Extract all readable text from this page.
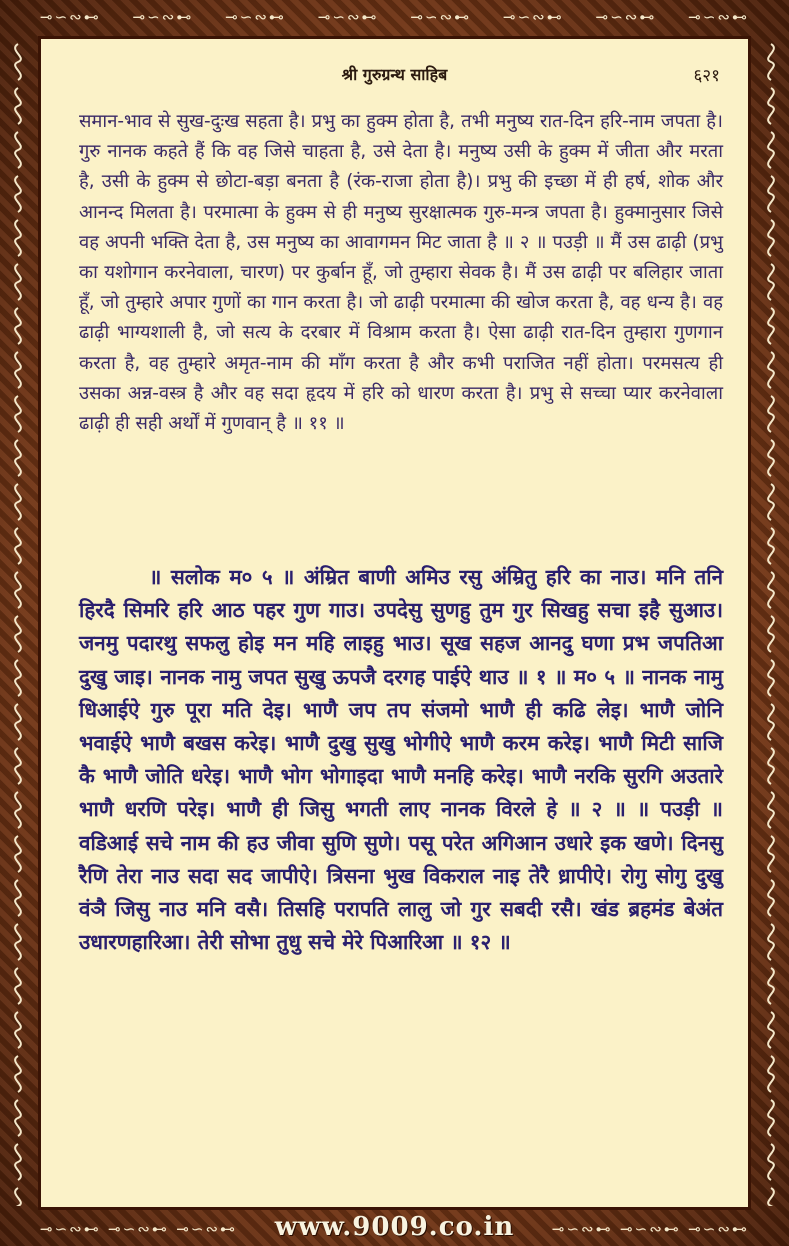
⊸∽∾⊷ ⊸∽∾⊷ ⊸∽∾⊷ ⊸∽∾⊷ ⊸∽∾⊷ ⊸∽∾⊷ ⊸∽∾⊷ ⊸∽∾⊷
श्री गुरुग्रन्थ साहिब	६२१

समान-भाव से सुख-दुःख सहता है। प्रभु का हुक्म होता है, तभी मनुष्य रात-दिन हरि-नाम जपता है। गुरु नानक कहते हैं कि वह जिसे चाहता है, उसे देता है। मनुष्य उसी के हुक्म में जीता और मरता है, उसी के हुक्म से छोटा-बड़ा बनता है (रंक-राजा होता है)। प्रभु की इच्छा में ही हर्ष, शोक और आनन्द मिलता है। परमात्मा के हुक्म से ही मनुष्य सुरक्षात्मक गुरु-मन्त्र जपता है। हुक्मानुसार जिसे वह अपनी भक्ति देता है, उस मनुष्य का आवागमन मिट जाता है ॥ २ ॥ पउड़ी ॥ मैं उस ढाढ़ी (प्रभु का यशोगान करनेवाला, चारण) पर कुर्बान हूँ, जो तुम्हारा सेवक है। मैं उस ढाढ़ी पर बलिहार जाता हूँ, जो तुम्हारे अपार गुणों का गान करता है। जो ढाढ़ी परमात्मा की खोज करता है, वह धन्य है। वह ढाढ़ी भाग्यशाली है, जो सत्य के दरबार में विश्राम करता है। ऐसा ढाढ़ी रात-दिन तुम्हारा गुणगान करता है, वह तुम्हारे अमृत-नाम की माँग करता है और कभी पराजित नहीं होता। परमसत्य ही उसका अन्न-वस्त्र है और वह सदा हृदय में हरि को धारण करता है। प्रभु से सच्चा प्यार करनेवाला ढाढ़ी ही सही अर्थों में गुणवान् है ॥ ११ ॥

॥ सलोक म० ५ ॥ अंम्रित बाणी अमिउ रसु अंम्रितु हरि का नाउ। मनि तनि हिरदै सिमरि हरि आठ पहर गुण गाउ। उपदेसु सुणहु तुम गुर सिखहु सचा इहै सुआउ। जनमु पदारथु सफलु होइ मन महि लाइहु भाउ। सूख सहज आनदु घणा प्रभ जपतिआ दुखु जाइ। नानक नामु जपत सुखु ऊपजै दरगह पाईऐ थाउ ॥ १ ॥ म० ५ ॥ नानक नामु धिआईऐ गुरु पूरा मति देइ। भाणै जप तप संजमो भाणै ही कढि लेइ। भाणै जोनि भवाईऐ भाणै बखस करेइ। भाणै दुखु सुखु भोगीऐ भाणै करम करेइ। भाणै मिटी साजि कै भाणै जोति धरेइ। भाणै भोग भोगाइदा भाणै मनहि करेइ। भाणै नरकि सुरगि अउतारे भाणै धरणि परेइ। भाणै ही जिसु भगती लाए नानक विरले हे ॥ २ ॥ ॥ पउड़ी ॥ वडिआई सचे नाम की हउ जीवा सुणि सुणे। पसू परेत अगिआन उधारे इक खणे। दिनसु रैणि तेरा नाउ सदा सद जापीऐ। त्रिसना भुख विकराल नाइ तेरै ध्रापीऐ। रोगु सोगु दुखु वंञै जिसु नाउ मनि वसै। तिसहि परापति लालु जो गुर सबदी रसै। खंड ब्रहमंड बेअंत उधारणहारिआ। तेरी सोभा तुधु सचे मेरे पिआरिआ ॥ १२ ॥

⊸∽∾⊷ ⊸∽∾⊷ ⊸∽∾⊷	⊸∽∾⊷ ⊸∽∾⊷ ⊸∽∾⊷
www.9009.co.in
